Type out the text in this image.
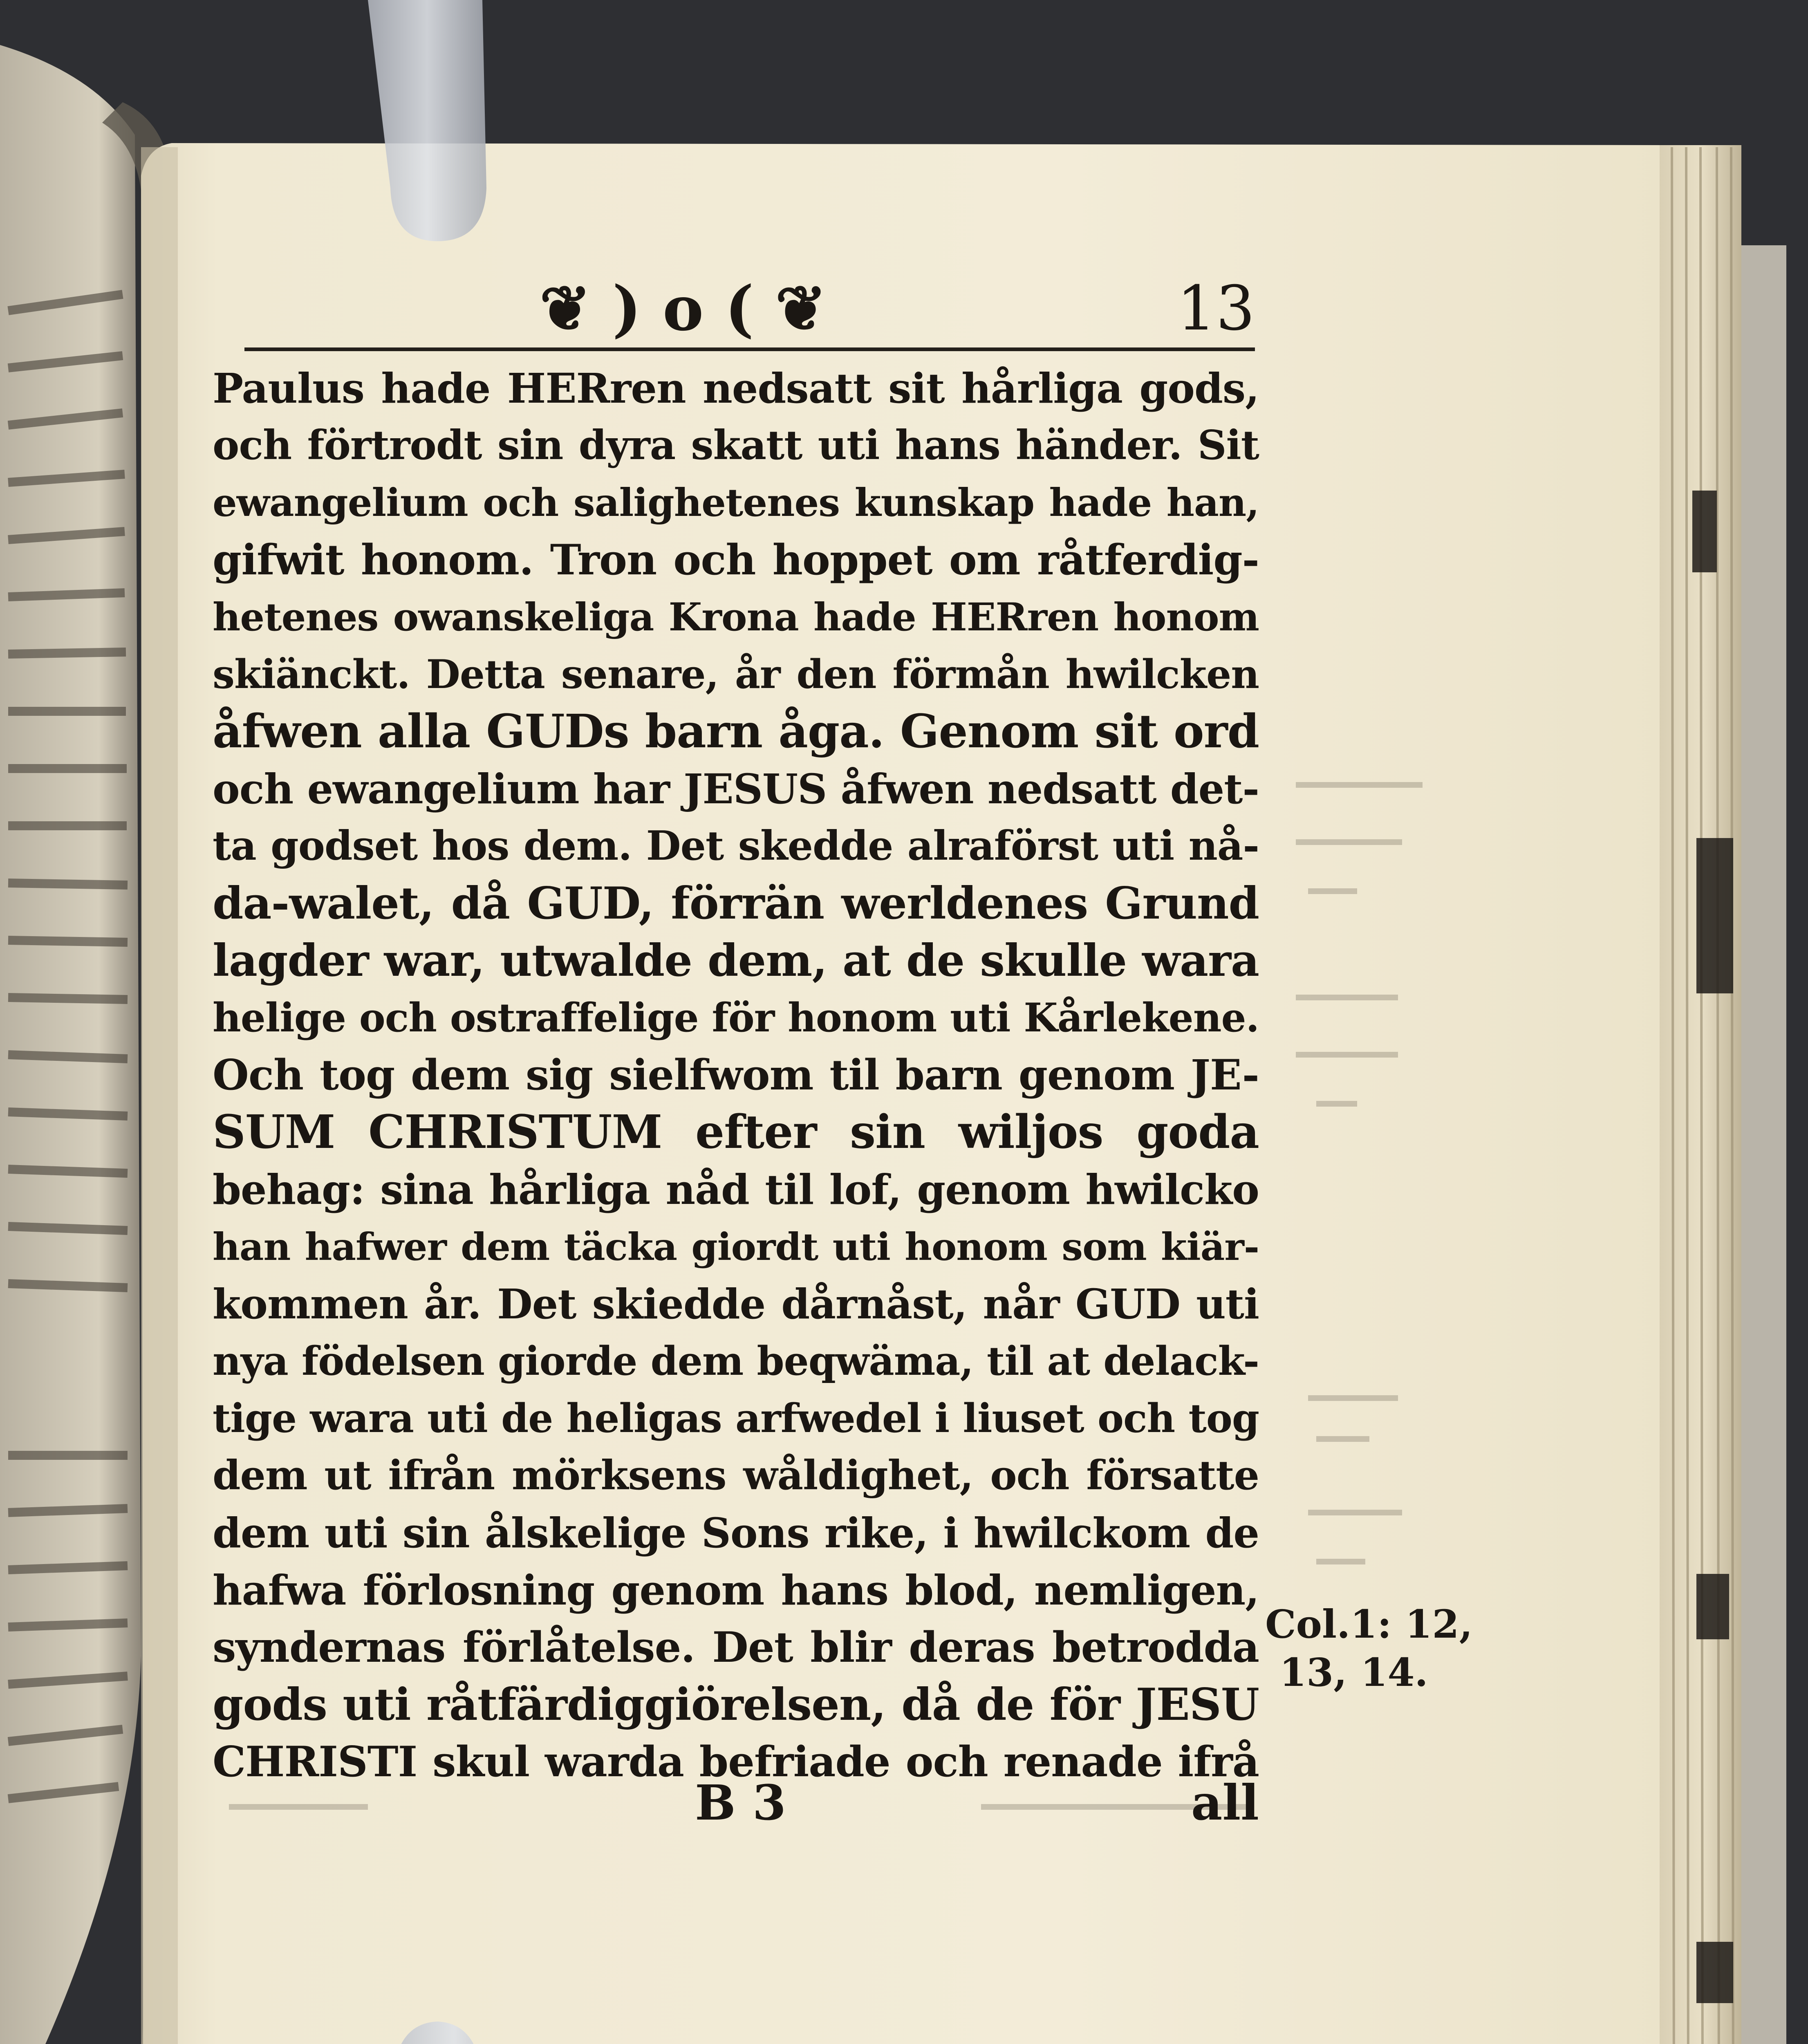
❦ ) o ( ❦	13
Paulus hade HERren nedsatt sit hårliga gods,
och förtrodt sin dyra skatt uti hans händer. Sit
ewangelium och salighetenes kunskap hade han,
gifwit honom. Tron och hoppet om råtferdig-
hetenes owanskeliga Krona hade HERren honom
skiänckt. Detta senare, år den förmån hwilcken
åfwen alla GUDs barn åga. Genom sit ord
och ewangelium har JESUS åfwen nedsatt det-
ta godset hos dem. Det skedde alraförst uti nå-
da-walet, då GUD, förrän werldenes Grund
lagder war, utwalde dem, at de skulle wara
helige och ostraffelige för honom uti Kårlekene.
Och tog dem sig sielfwom til barn genom JE-
SUM CHRISTUM efter sin wiljos goda
behag: sina hårliga nåd til lof, genom hwilcko
han hafwer dem täcka giordt uti honom som kiär-
kommen år. Det skiedde dårnåst, når GUD uti
nya födelsen giorde dem beqwäma, til at delack-
tige wara uti de heligas arfwedel i liuset och tog
dem ut ifrån mörksens wåldighet, och försatte
dem uti sin ålskelige Sons rike, i hwilckom de
hafwa förlosning genom hans blod, nemligen,
syndernas förlåtelse. Det blir deras betrodda
gods uti råtfärdiggiörelsen, då de för JESU
CHRISTI skul warda befriade och renade ifrå
B 3	all
Col.1: 12,
13, 14.
